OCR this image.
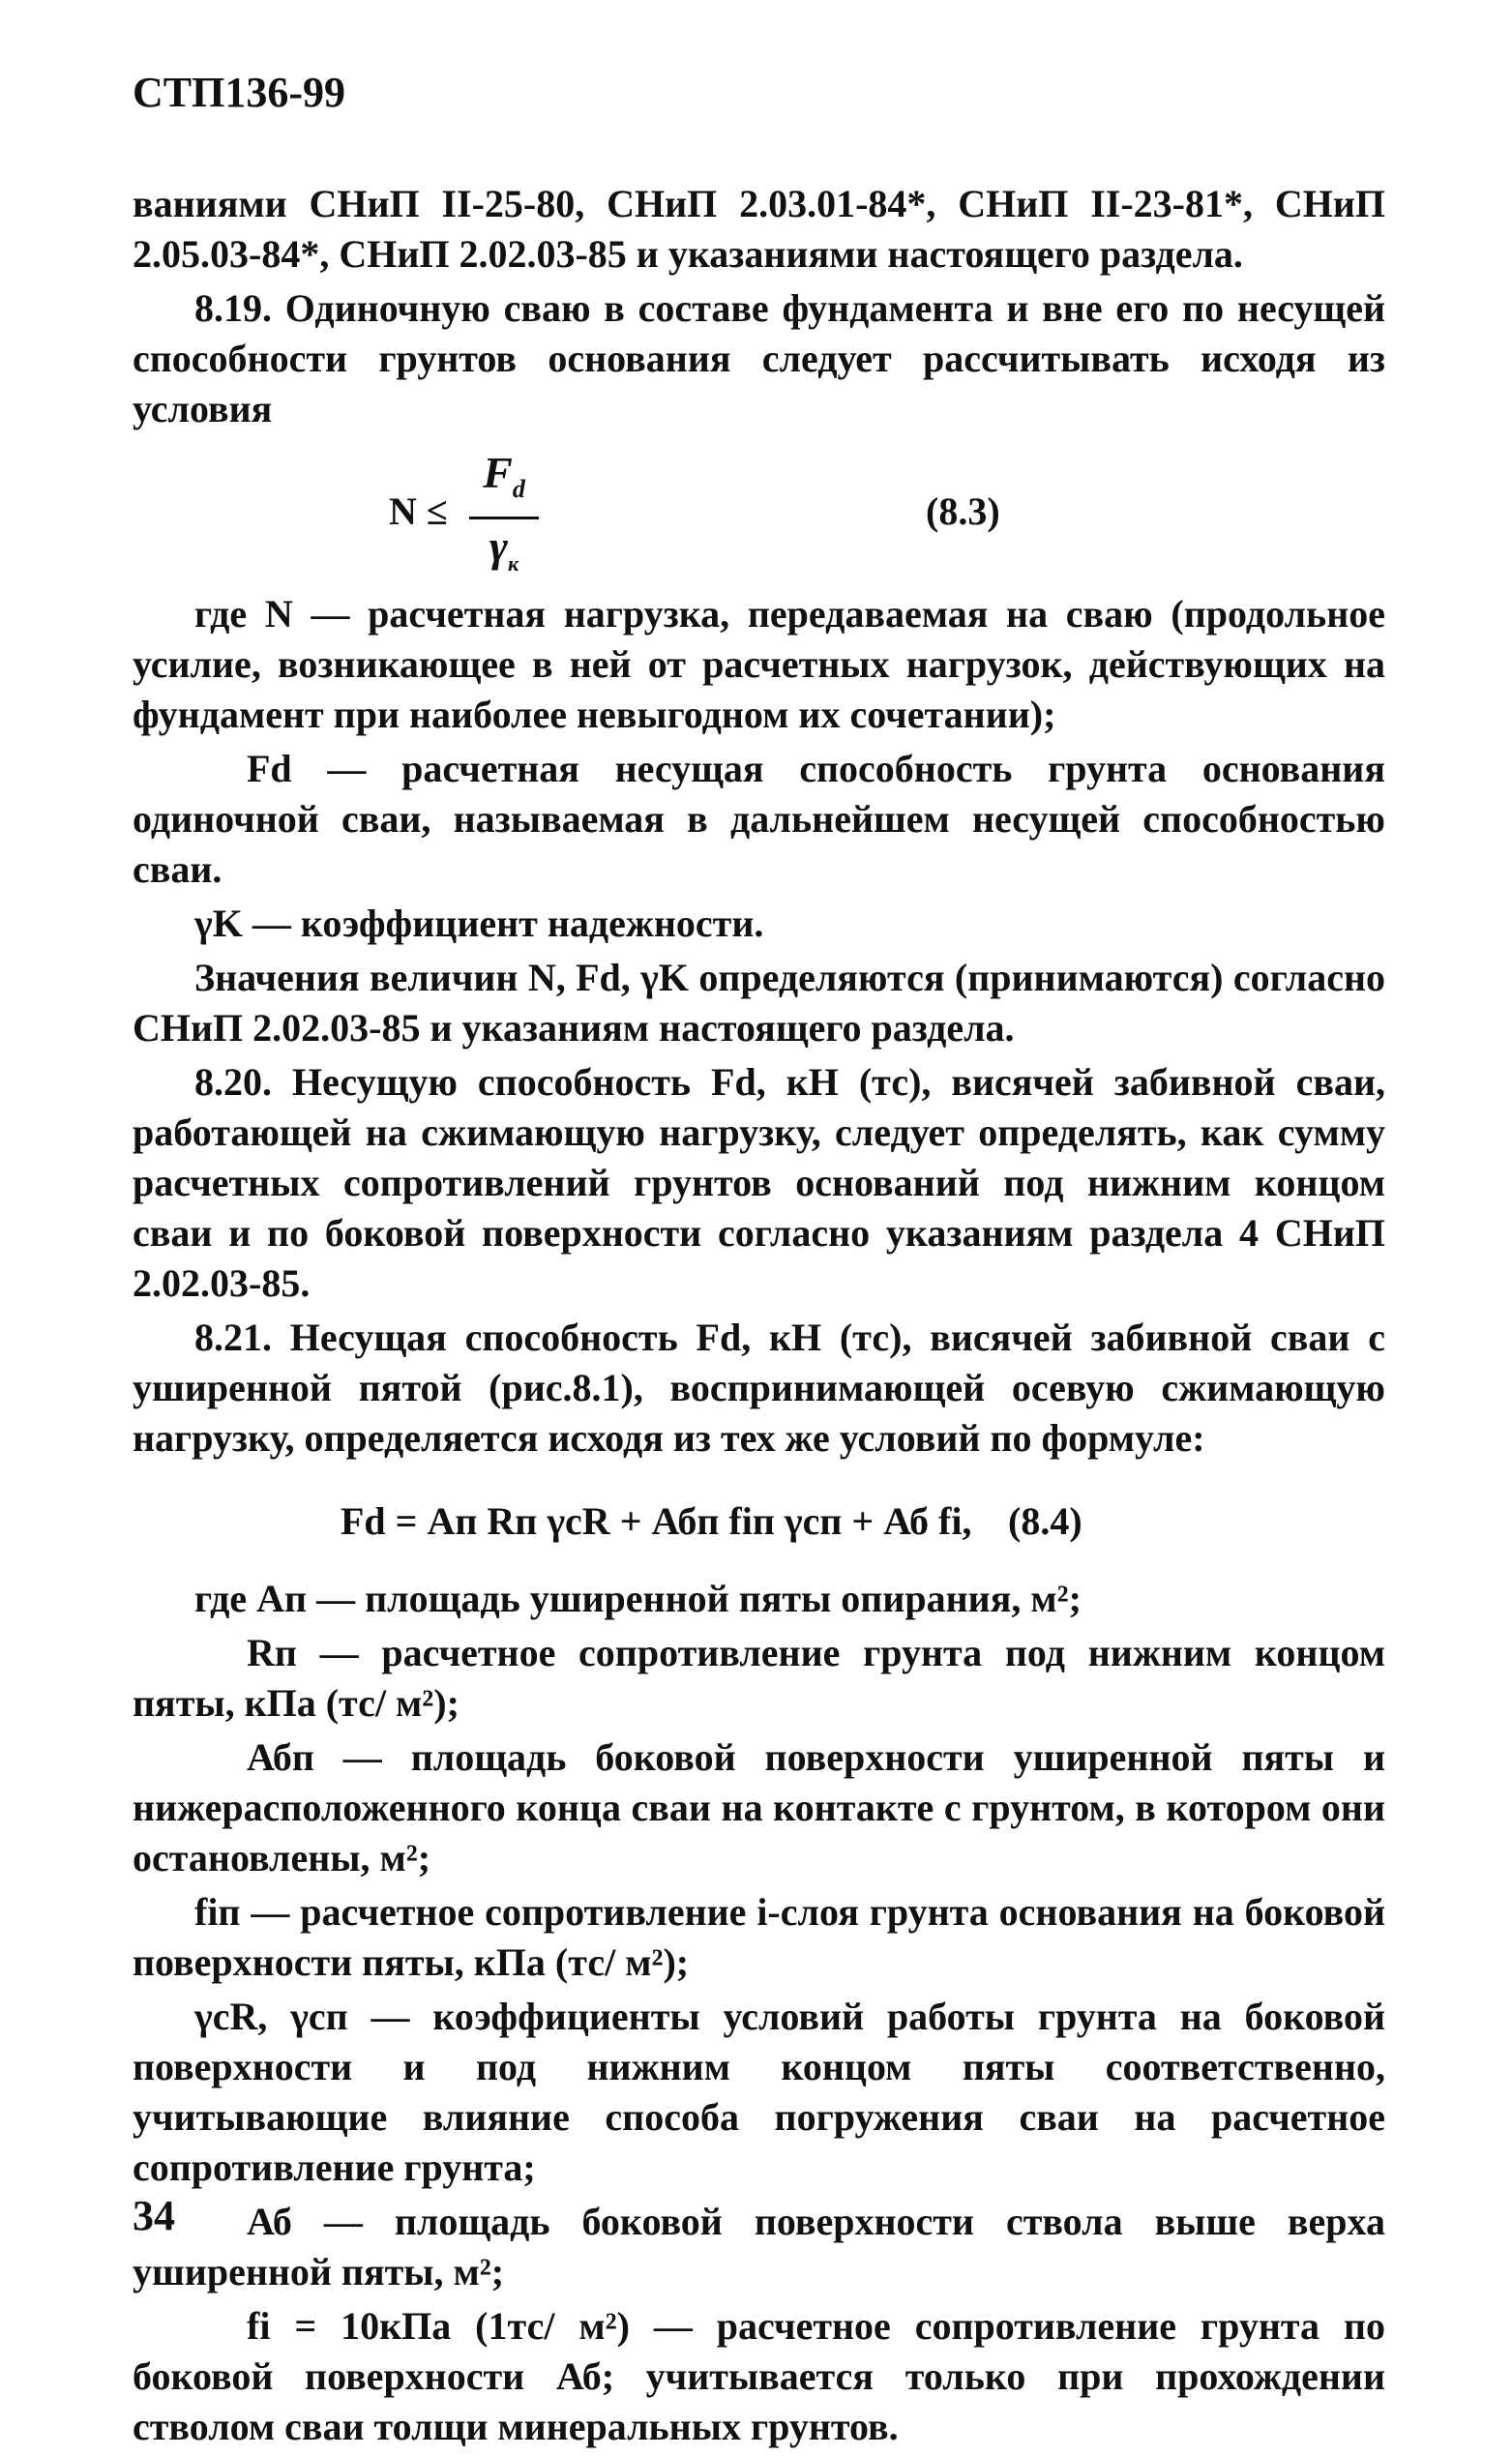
СТП136-99

ваниями СНиП II-25-80, СНиП 2.03.01-84*, СНиП II-23-81*, СНиП 2.05.03-84*, СНиП 2.02.03-85 и указаниями настоящего раздела.

8.19. Одиночную сваю в составе фундамента и вне его по несущей способности грунтов основания следует рассчитывать исходя из условия

N ≤
$F_d$
$\gamma_к$
(8.3)

где N — расчетная нагрузка, передаваемая на сваю (продольное усилие, возникающее в ней от расчетных нагрузок, действующих на фундамент при наиболее невыгодном их сочетании);

Fd — расчетная несущая способность грунта основания одиночной сваи, называемая в дальнейшем несущей способностью сваи.

γK — коэффициент надежности.

Значения величин N, Fd, γK определяются (принимаются) согласно СНиП 2.02.03-85 и указаниям настоящего раздела.

8.20. Несущую способность Fd, кН (тс), висячей забивной сваи, работающей на сжимающую нагрузку, следует определять, как сумму расчетных сопротивлений грунтов оснований под нижним концом сваи и по боковой поверхности согласно указаниям раздела 4 СНиП 2.02.03-85.

8.21. Несущая способность Fd, кН (тс), висячей забивной сваи с уширенной пятой (рис.8.1), воспринимающей осевую сжимающую нагрузку, определяется исходя из тех же условий по формуле:

Fd = Ап Rп γcR + Абп fiп γcп + Аб fi, (8.4)

где Ап — площадь уширенной пяты опирания, м²;

Rп — расчетное сопротивление грунта под нижним концом пяты, кПа (тс/ м²);

Абп — площадь боковой поверхности уширенной пяты и нижерасположенного конца сваи на контакте с грунтом, в котором они остановлены, м²;

fiп — расчетное сопротивление i-слоя грунта основания на боковой поверхности пяты, кПа (тс/ м²);

γcR, γcп — коэффициенты условий работы грунта на боковой поверхности и под нижним концом пяты соответственно, учитывающие влияние способа погружения сваи на расчетное сопротивление грунта;

Аб — площадь боковой поверхности ствола выше верха уширенной пяты, м²;

fi = 10кПа (1тс/ м²) — расчетное сопротивление грунта по боковой поверхности Аб; учитывается только при прохождении стволом сваи толщи минеральных грунтов.

34
